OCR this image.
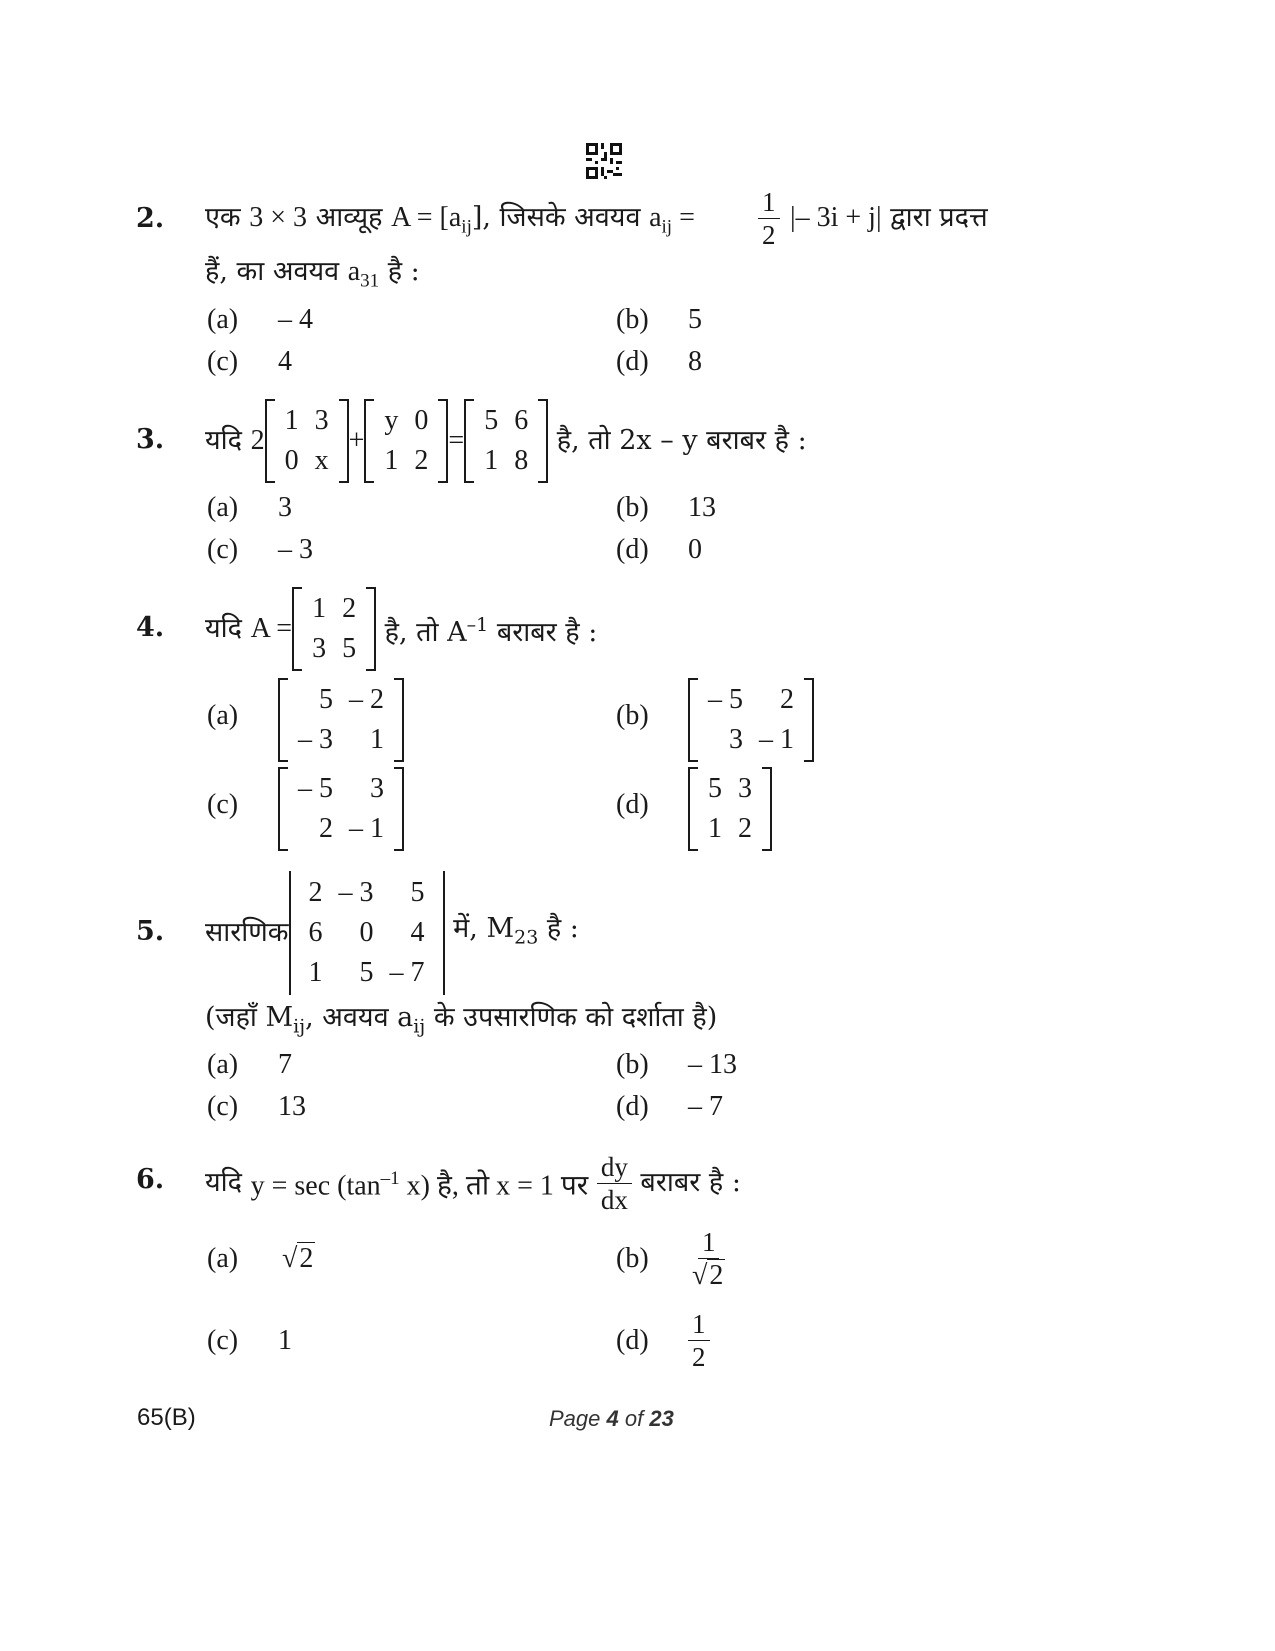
2. एक 3 × 3 आव्यूह $A = [a_{ij}]$, जिसके अवयव $a_{ij} = \frac{1}{2}$ |– 3i + j| द्वारा प्रदत्त
हैं, का अवयव $a_{31}$ है :
(a) – 4	(b) 5
(c) 4	(d) 8
3. यदि
2
1	3
0	x
+
y	0
1	2
=
5	6
1	8

है, तो 2x – y बराबर है :
(a) 3	(b) 13
(c) – 3	(d) 0
4. यदि
A =
1	2
3	5

है, तो $A^{-1}$ बराबर है :
(a)
5	– 2
– 3	1
(b)
– 5	2
3	– 1
(c)
– 5	3
2	– 1
(d)
5	3
1	2
5. सारणिक
2	– 3	5
6	0	4
1	5	– 7

में, $M_{23}$ है :
(जहाँ $M_{ij}$, अवयव $a_{ij}$ के उपसारणिक को दर्शाता है)
(a) 7	(b) – 13
(c) 13	(d) – 7
6. यदि
$y = \sec (\tan^{-1}$ x) है, तो x = 1 पर
$\frac{dy}{dx}$
बराबर है :
(a) √2	$(b) \frac{1}{√2}$
(c) 1	$(d) \frac{1}{2}$
65(B)	Page 4 of 23
